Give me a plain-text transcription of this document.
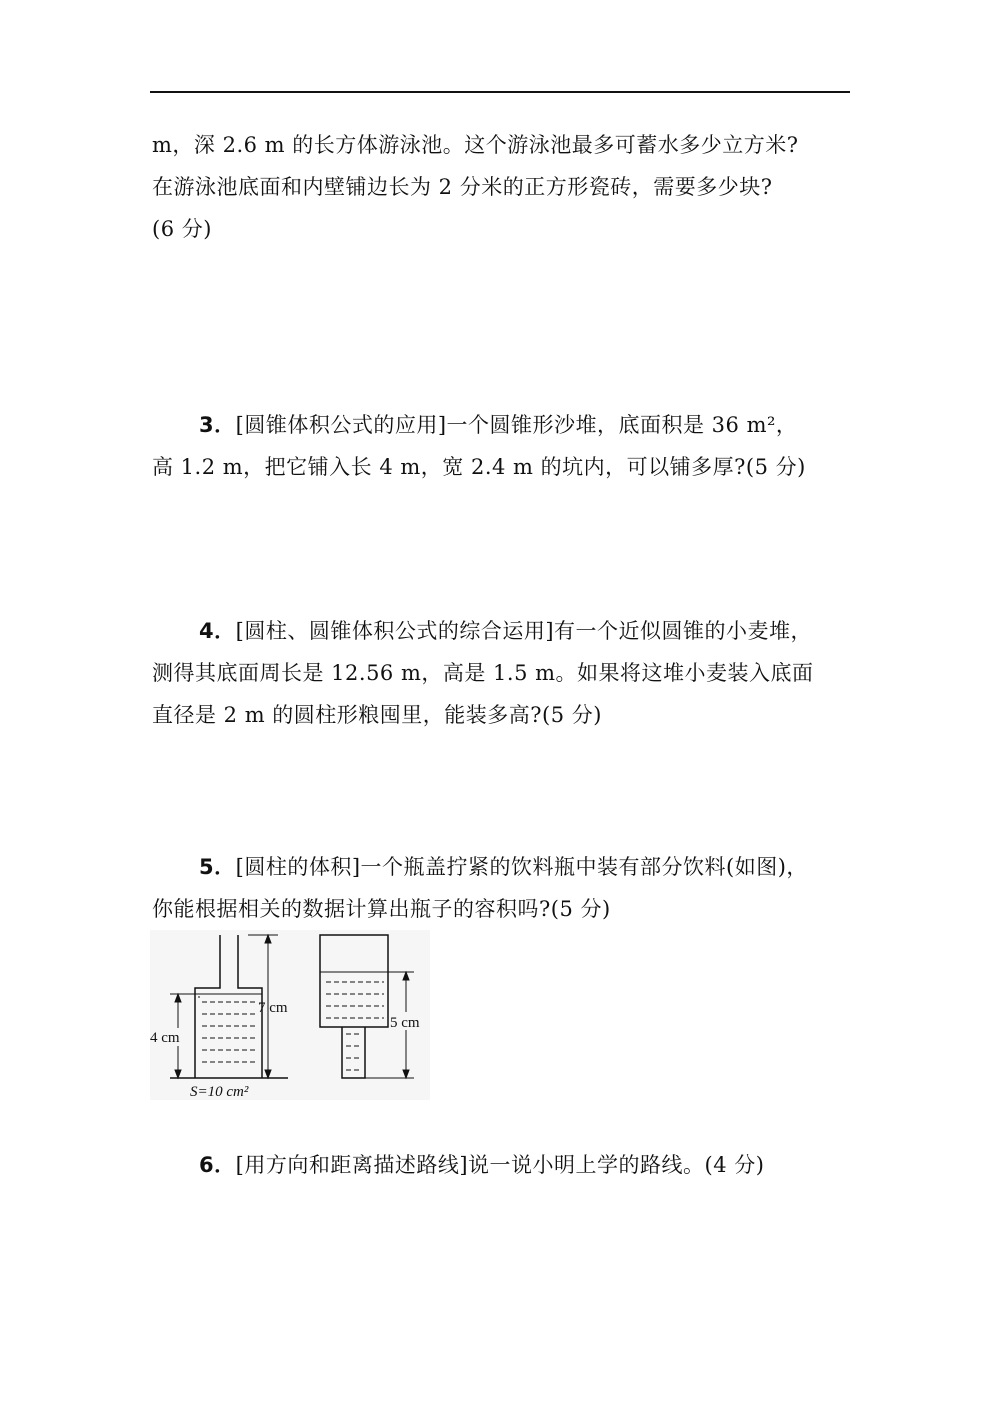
m，深 2.6 m 的长方体游泳池。这个游泳池最多可蓄水多少立方米?
在游泳池底面和内壁铺边长为 2 分米的正方形瓷砖，需要多少块?
(6 分)
3．[圆锥体积公式的应用]一个圆锥形沙堆，底面积是 36 m²，
高 1.2 m，把它铺入长 4 m，宽 2.4 m 的坑内，可以铺多厚?(5 分)
4．[圆柱、圆锥体积公式的综合运用]有一个近似圆锥的小麦堆，
测得其底面周长是 12.56 m，高是 1.5 m。如果将这堆小麦装入底面
直径是 2 m 的圆柱形粮囤里，能装多高?(5 分)
5．[圆柱的体积]一个瓶盖拧紧的饮料瓶中装有部分饮料(如图)，
你能根据相关的数据计算出瓶子的容积吗?(5 分)
7 cm
4 cm
S=10 cm²
5 cm
6．[用方向和距离描述路线]说一说小明上学的路线。(4 分)
